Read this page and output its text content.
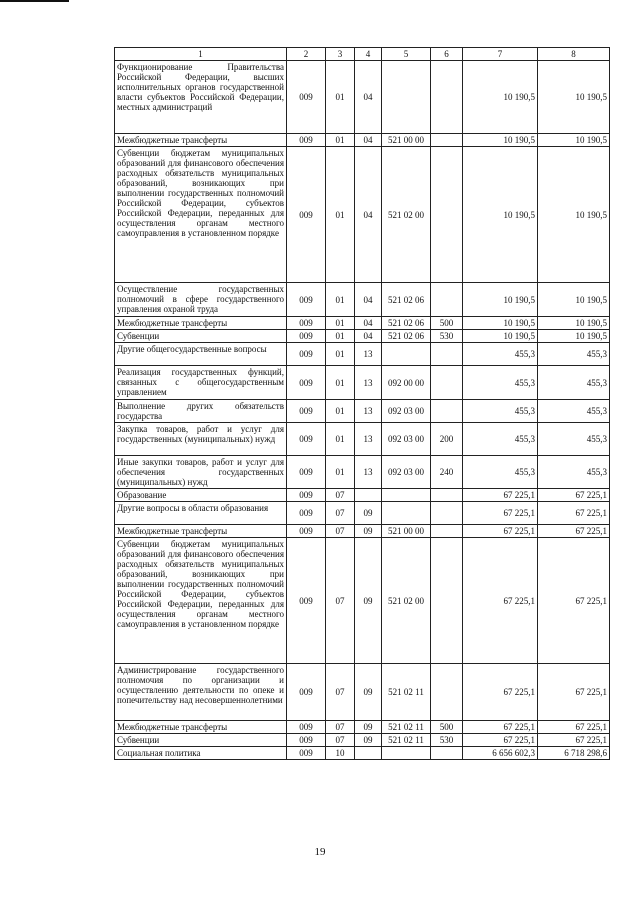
1	2	3	4	5	6	7	8
Функционирование Правительства Российской Федерации, высших исполнительных органов государственной власти субъектов Российской Федерации, местных администраций	009	01	04			10 190,5	10 190,5
Межбюджетные трансферты	009	01	04	521 00 00		10 190,5	10 190,5
Субвенции бюджетам муниципальных образований для финансового обеспечения расходных обязательств муниципальных образований, возникающих при выполнении государственных полномочий Российской Федерации, субъектов Российской Федерации, переданных для осуществления органам местного самоуправления в установленном порядке	009	01	04	521 02 00		10 190,5	10 190,5
Осуществление государственных полномочий в сфере государственного управления охраной труда	009	01	04	521 02 06		10 190,5	10 190,5
Межбюджетные трансферты	009	01	04	521 02 06	500	10 190,5	10 190,5
Субвенции	009	01	04	521 02 06	530	10 190,5	10 190,5
Другие общегосударственные вопросы	009	01	13			455,3	455,3
Реализация государственных функций, связанных с общегосударственным управлением	009	01	13	092 00 00		455,3	455,3
Выполнение других обязательств государства	009	01	13	092 03 00		455,3	455,3
Закупка товаров, работ и услуг для государственных (муниципальных) нужд	009	01	13	092 03 00	200	455,3	455,3
Иные закупки товаров, работ и услуг для обеспечения государственных (муниципальных) нужд	009	01	13	092 03 00	240	455,3	455,3
Образование	009	07				67 225,1	67 225,1
Другие вопросы в области образования	009	07	09			67 225,1	67 225,1
Межбюджетные трансферты	009	07	09	521 00 00		67 225,1	67 225,1
Субвенции бюджетам муниципальных образований для финансового обеспечения расходных обязательств муниципальных образований, возникающих при выполнении государственных полномочий Российской Федерации, субъектов Российской Федерации, переданных для осуществления органам местного самоуправления в установленном порядке	009	07	09	521 02 00		67 225,1	67 225,1
Администрирование государственного полномочия по организации и осуществлению деятельности по опеке и попечительству над несовершеннолетними	009	07	09	521 02 11		67 225,1	67 225,1
Межбюджетные трансферты	009	07	09	521 02 11	500	67 225,1	67 225,1
Субвенции	009	07	09	521 02 11	530	67 225,1	67 225,1
Социальная политика	009	10				6 656 602,3	6 718 298,6
19
